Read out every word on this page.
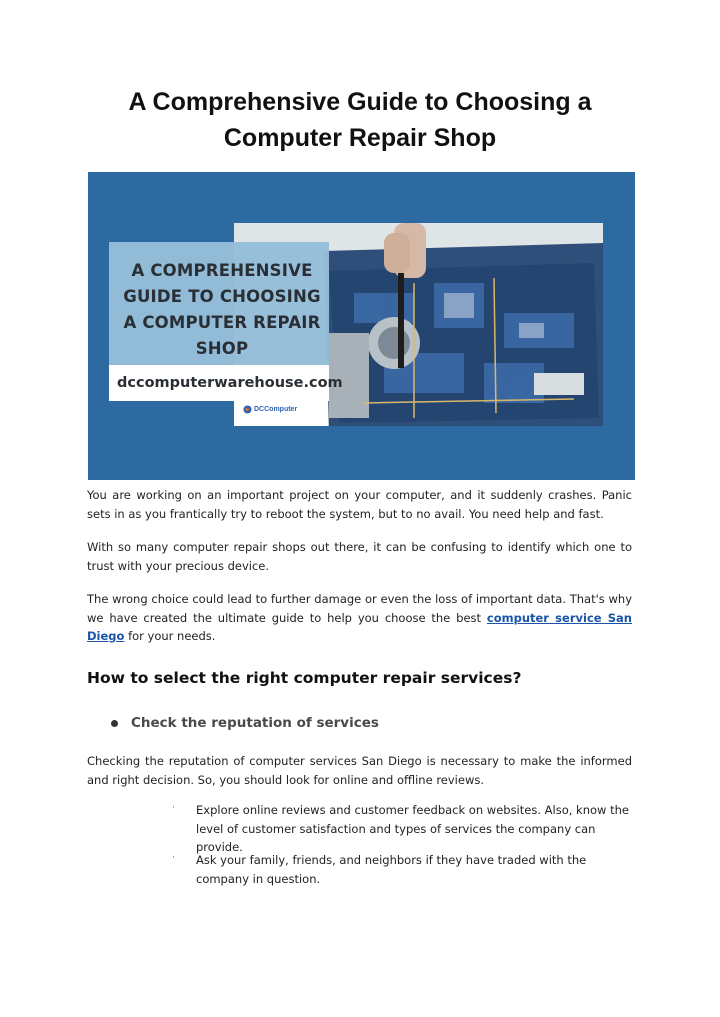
A Comprehensive Guide to Choosing a
Computer Repair Shop
A COMPREHENSIVE
GUIDE TO CHOOSING
A COMPUTER REPAIR
SHOP
dccomputerwarehouse.com
DCComputer

You are working on an important project on your computer, and it suddenly crashes. Panic sets in as you frantically try to reboot the system, but to no avail. You need help and fast.

With so many computer repair shops out there, it can be confusing to identify which one to trust with your precious device.

The wrong choice could lead to further damage or even the loss of important data. That's why we have created the ultimate guide to help you choose the best computer service San Diego for your needs.

How to select the right computer repair services?
Check the reputation of services

Checking the reputation of computer services San Diego is necessary to make the informed and right decision. So, you should look for online and offline reviews.

· Explore online reviews and customer feedback on websites. Also, know the level of customer satisfaction and types of services the company can provide.

· Ask your family, friends, and neighbors if they have traded with the company in question.
